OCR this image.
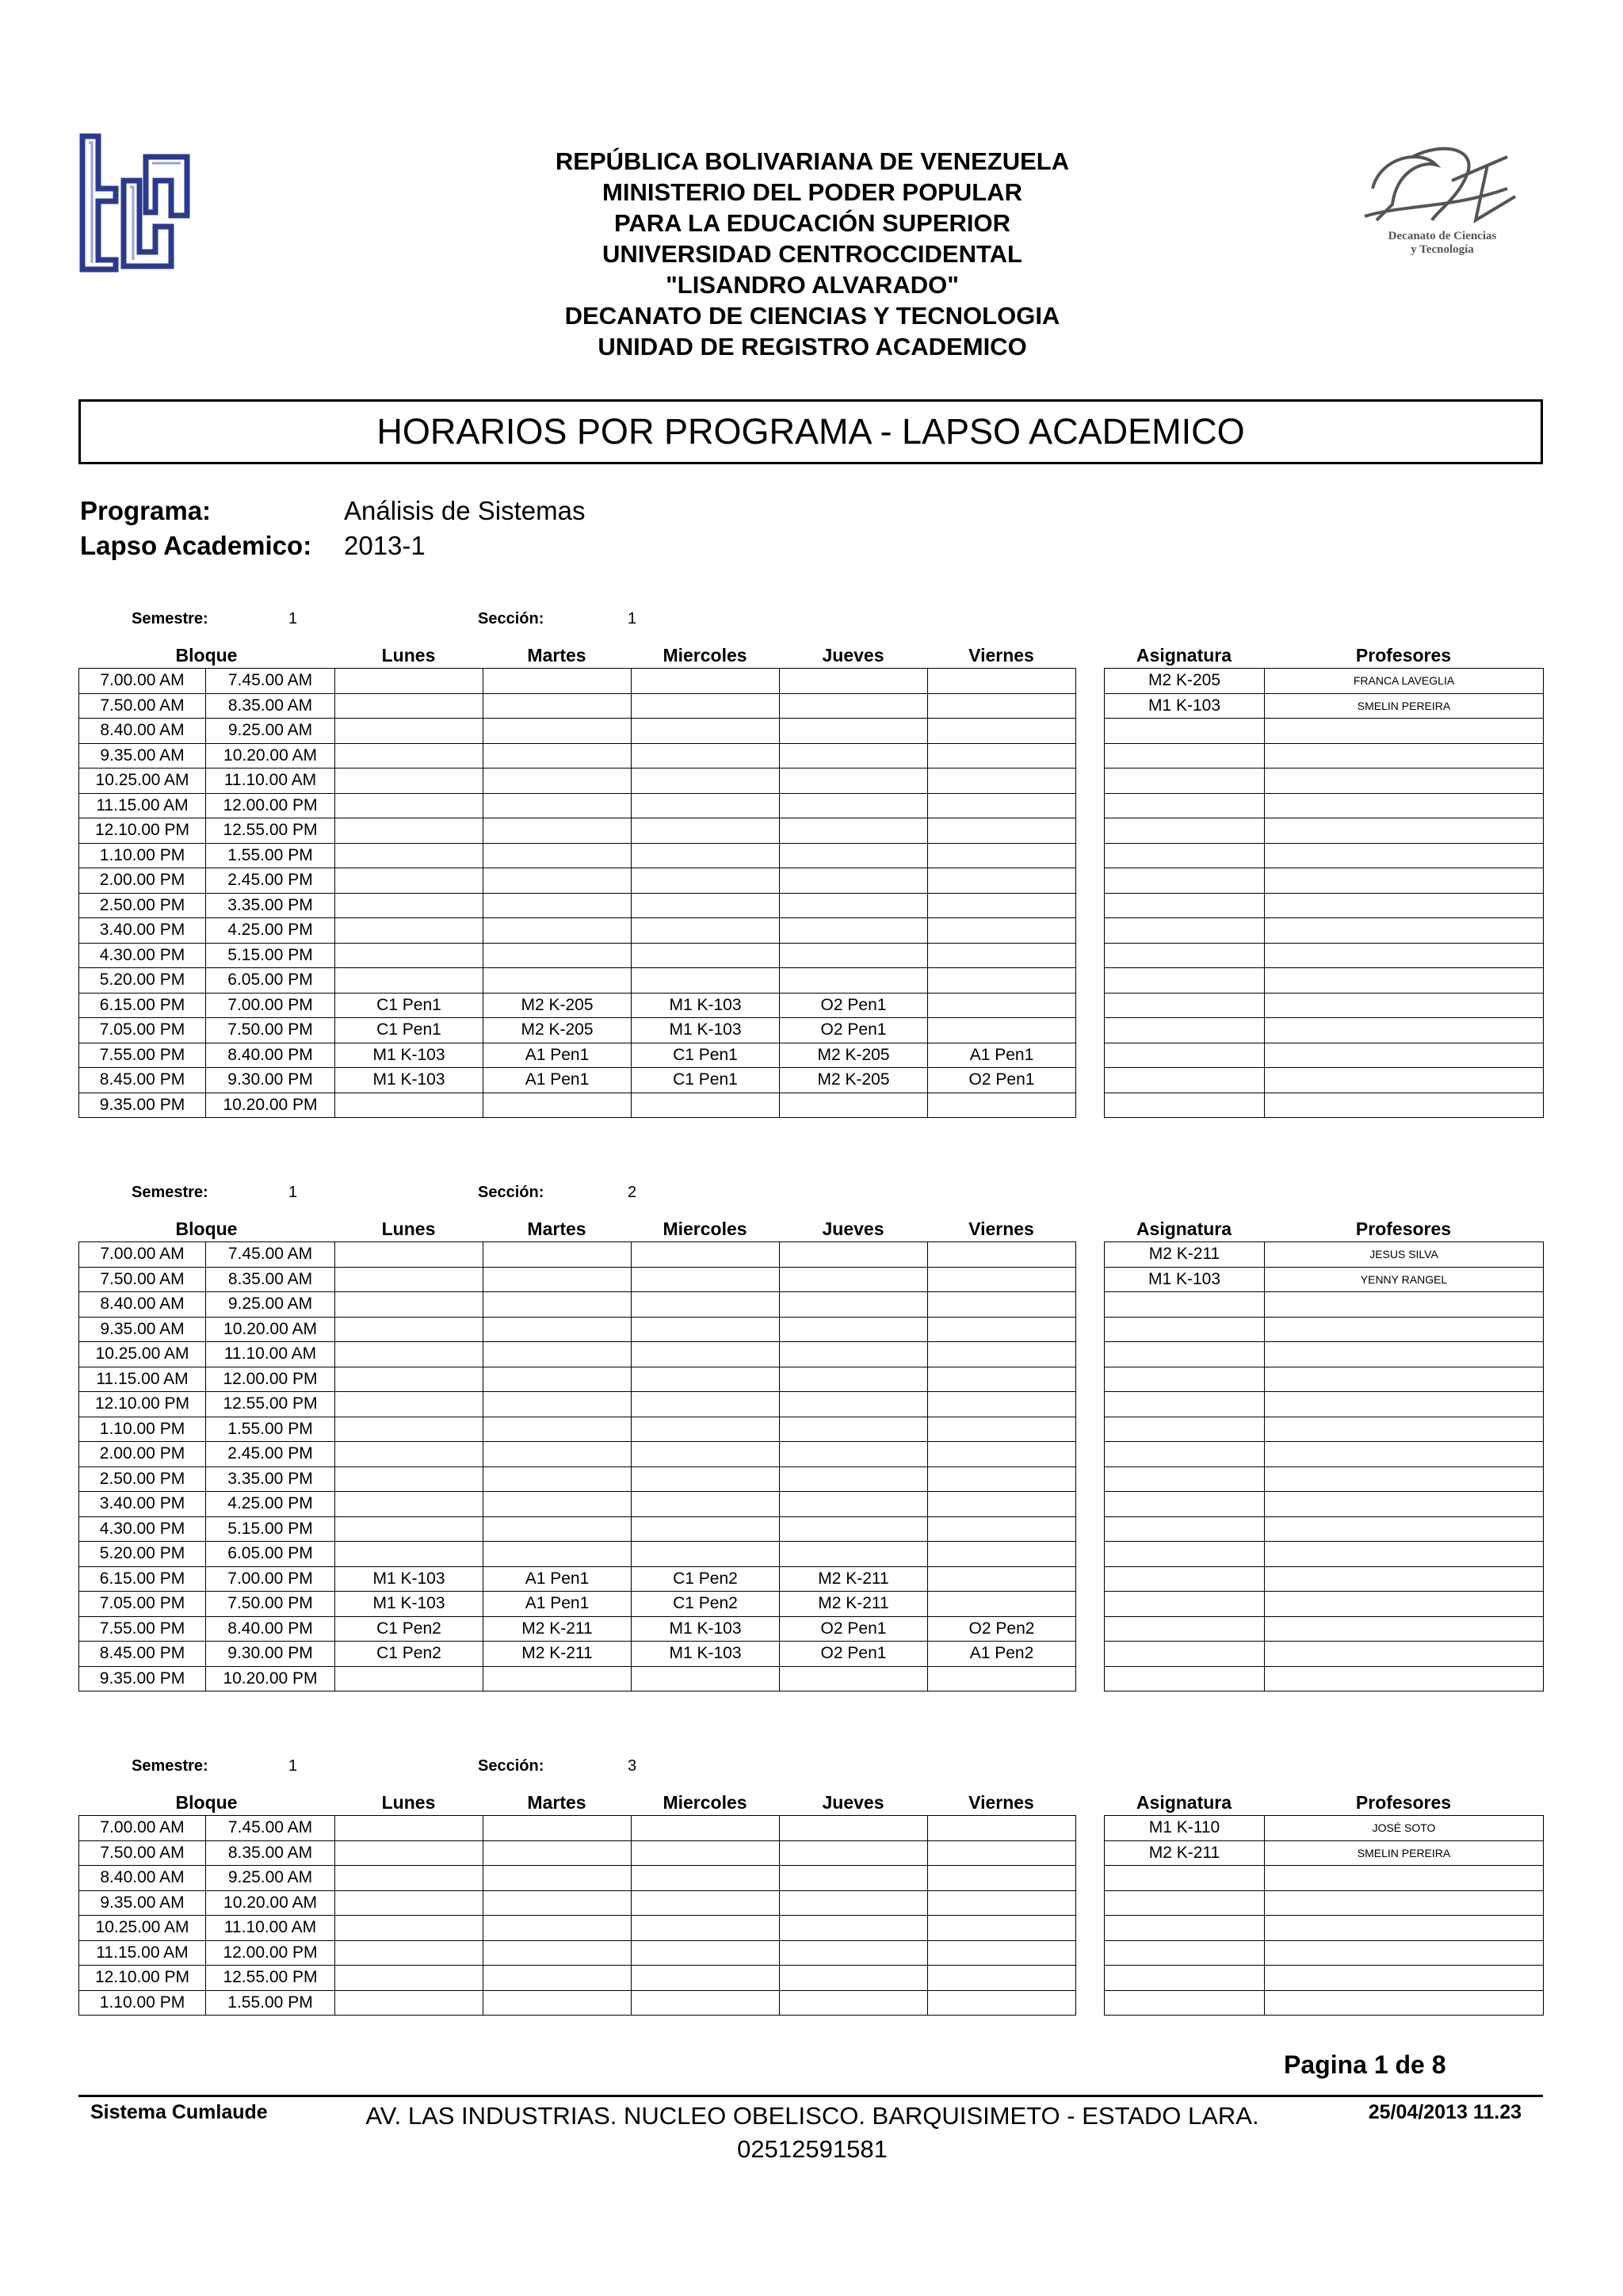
Decanato de Ciencias
y Tecnología
REPÚBLICA BOLIVARIANA DE VENEZUELA
MINISTERIO DEL PODER POPULAR
PARA LA EDUCACIÓN SUPERIOR
UNIVERSIDAD CENTROCCIDENTAL
"LISANDRO ALVARADO"
DECANATO DE CIENCIAS Y TECNOLOGIA
UNIDAD DE REGISTRO ACADEMICO
HORARIOS POR PROGRAMA - LAPSO ACADEMICO
Programa:	Análisis de Sistemas
Lapso Academico: 2013-1
Semestre:	1	Sección:	1
Bloque	Lunes	Martes	Miercoles	Jueves	Viernes	Asignatura	Profesores
7.00.00 AM	7.45.00 AM					
7.50.00 AM	8.35.00 AM					
8.40.00 AM	9.25.00 AM					
9.35.00 AM	10.20.00 AM					
10.25.00 AM	11.10.00 AM					
11.15.00 AM	12.00.00 PM					
12.10.00 PM	12.55.00 PM					
1.10.00 PM	1.55.00 PM					
2.00.00 PM	2.45.00 PM					
2.50.00 PM	3.35.00 PM					
3.40.00 PM	4.25.00 PM					
4.30.00 PM	5.15.00 PM					
5.20.00 PM	6.05.00 PM					
6.15.00 PM	7.00.00 PM	C1 Pen1	M2 K-205	M1 K-103	O2 Pen1	
7.05.00 PM	7.50.00 PM	C1 Pen1	M2 K-205	M1 K-103	O2 Pen1	
7.55.00 PM	8.40.00 PM	M1 K-103	A1 Pen1	C1 Pen1	M2 K-205	A1 Pen1
8.45.00 PM	9.30.00 PM	M1 K-103	A1 Pen1	C1 Pen1	M2 K-205	O2 Pen1
9.35.00 PM	10.20.00 PM					
M2 K-205	FRANCA LAVEGLIA
M1 K-103	SMELIN PEREIRA

Semestre:	1	Sección:	2
Bloque	Lunes	Martes	Miercoles	Jueves	Viernes	Asignatura	Profesores
7.00.00 AM	7.45.00 AM					
7.50.00 AM	8.35.00 AM					
8.40.00 AM	9.25.00 AM					
9.35.00 AM	10.20.00 AM					
10.25.00 AM	11.10.00 AM					
11.15.00 AM	12.00.00 PM					
12.10.00 PM	12.55.00 PM					
1.10.00 PM	1.55.00 PM					
2.00.00 PM	2.45.00 PM					
2.50.00 PM	3.35.00 PM					
3.40.00 PM	4.25.00 PM					
4.30.00 PM	5.15.00 PM					
5.20.00 PM	6.05.00 PM					
6.15.00 PM	7.00.00 PM	M1 K-103	A1 Pen1	C1 Pen2	M2 K-211	
7.05.00 PM	7.50.00 PM	M1 K-103	A1 Pen1	C1 Pen2	M2 K-211	
7.55.00 PM	8.40.00 PM	C1 Pen2	M2 K-211	M1 K-103	O2 Pen1	O2 Pen2
8.45.00 PM	9.30.00 PM	C1 Pen2	M2 K-211	M1 K-103	O2 Pen1	A1 Pen2
9.35.00 PM	10.20.00 PM					
M2 K-211	JESUS SILVA
M1 K-103	YENNY RANGEL

Semestre:	1	Sección:	3
Bloque	Lunes	Martes	Miercoles	Jueves	Viernes	Asignatura	Profesores
7.00.00 AM	7.45.00 AM					
7.50.00 AM	8.35.00 AM					
8.40.00 AM	9.25.00 AM					
9.35.00 AM	10.20.00 AM					
10.25.00 AM	11.10.00 AM					
11.15.00 AM	12.00.00 PM					
12.10.00 PM	12.55.00 PM					
1.10.00 PM	1.55.00 PM					
M1 K-110	JOSÉ SOTO
M2 K-211	SMELIN PEREIRA

Pagina 1 de 8
Sistema Cumlaude	AV. LAS INDUSTRIAS. NUCLEO OBELISCO. BARQUISIMETO - ESTADO LARA.
02512591581
25/04/2013 11.23
